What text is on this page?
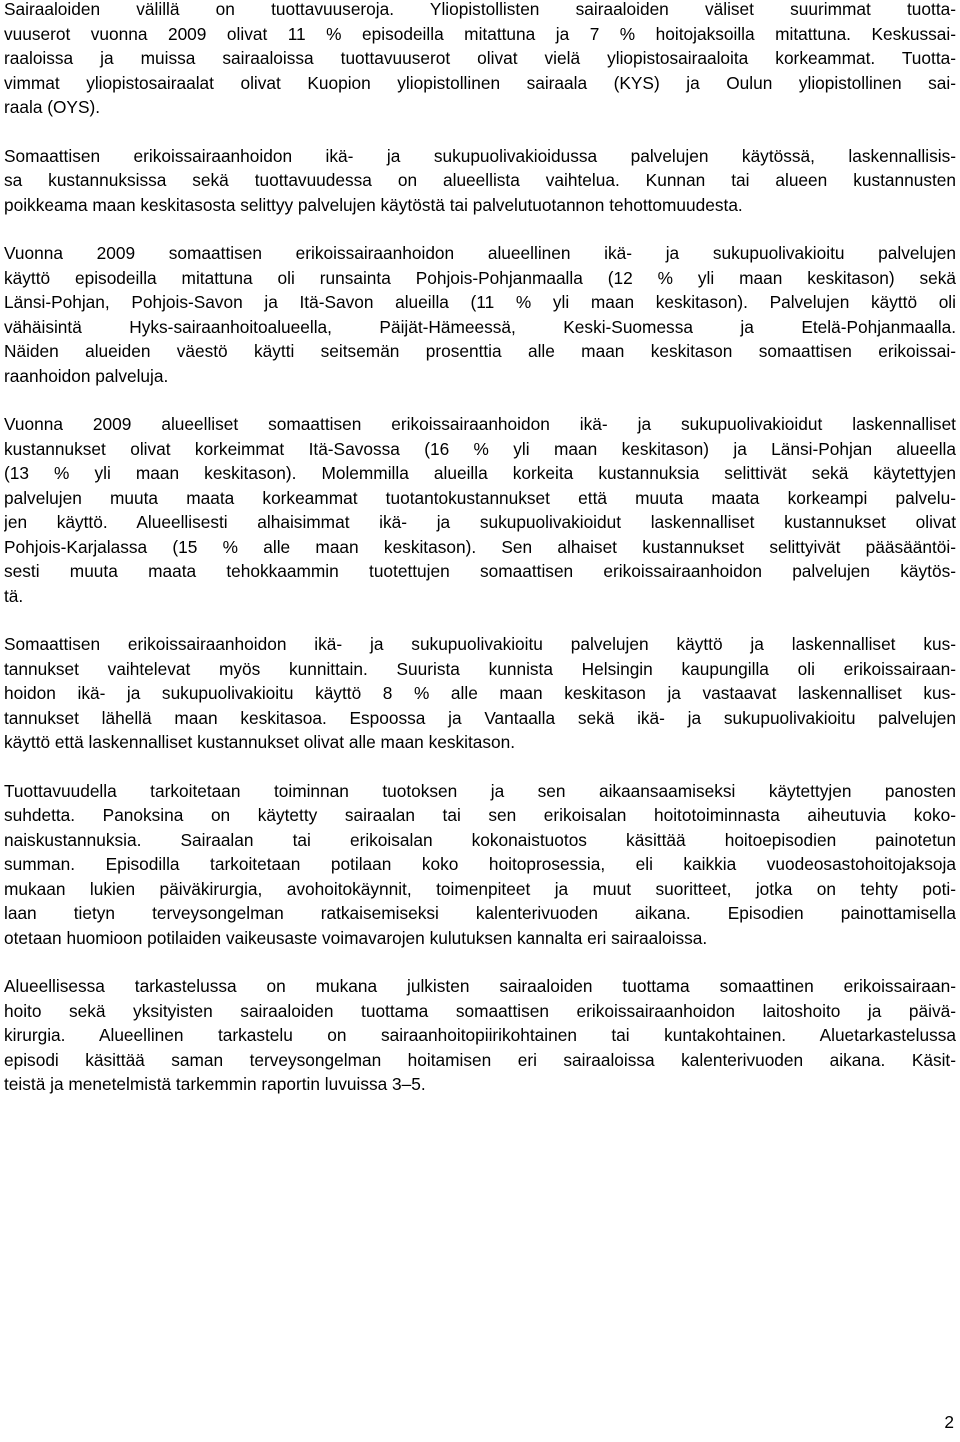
Sairaaloiden välillä on tuottavuuseroja. Yliopistollisten sairaaloiden väliset suurimmat tuotta-
vuuserot vuonna 2009 olivat 11 % episodeilla mitattuna ja 7 % hoitojaksoilla mitattuna. Keskussai-
raaloissa ja muissa sairaaloissa tuottavuuserot olivat vielä yliopistosairaaloita korkeammat. Tuotta-
vimmat yliopistosairaalat olivat Kuopion yliopistollinen sairaala (KYS) ja Oulun yliopistollinen sai-
raala (OYS).
Somaattisen erikoissairaanhoidon ikä- ja sukupuolivakioidussa palvelujen käytössä, laskennallisis-
sa kustannuksissa sekä tuottavuudessa on alueellista vaihtelua. Kunnan tai alueen kustannusten
poikkeama maan keskitasosta selittyy palvelujen käytöstä tai palvelutuotannon tehottomuudesta.
Vuonna 2009 somaattisen erikoissairaanhoidon alueellinen ikä- ja sukupuolivakioitu palvelujen
käyttö episodeilla mitattuna oli runsainta Pohjois-Pohjanmaalla (12 % yli maan keskitason) sekä
Länsi-Pohjan, Pohjois-Savon ja Itä-Savon alueilla (11 % yli maan keskitason). Palvelujen käyttö oli
vähäisintä Hyks-sairaanhoitoalueella, Päijät-Hämeessä, Keski-Suomessa ja Etelä-Pohjanmaalla.
Näiden alueiden väestö käytti seitsemän prosenttia alle maan keskitason somaattisen erikoissai-
raanhoidon palveluja.
Vuonna 2009 alueelliset somaattisen erikoissairaanhoidon ikä- ja sukupuolivakioidut laskennalliset
kustannukset olivat korkeimmat Itä-Savossa (16 % yli maan keskitason) ja Länsi-Pohjan alueella
(13 % yli maan keskitason). Molemmilla alueilla korkeita kustannuksia selittivät sekä käytettyjen
palvelujen muuta maata korkeammat tuotantokustannukset että muuta maata korkeampi palvelu-
jen käyttö. Alueellisesti alhaisimmat ikä- ja sukupuolivakioidut laskennalliset kustannukset olivat
Pohjois-Karjalassa (15 % alle maan keskitason). Sen alhaiset kustannukset selittyivät pääsääntöi-
sesti muuta maata tehokkaammin tuotettujen somaattisen erikoissairaanhoidon palvelujen käytös-
tä.
Somaattisen erikoissairaanhoidon ikä- ja sukupuolivakioitu palvelujen käyttö ja laskennalliset kus-
tannukset vaihtelevat myös kunnittain. Suurista kunnista Helsingin kaupungilla oli erikoissairaan-
hoidon ikä- ja sukupuolivakioitu käyttö 8 % alle maan keskitason ja vastaavat laskennalliset kus-
tannukset lähellä maan keskitasoa. Espoossa ja Vantaalla sekä ikä- ja sukupuolivakioitu palvelujen
käyttö että laskennalliset kustannukset olivat alle maan keskitason.
Tuottavuudella tarkoitetaan toiminnan tuotoksen ja sen aikaansaamiseksi käytettyjen panosten
suhdetta. Panoksina on käytetty sairaalan tai sen erikoisalan hoitotoiminnasta aiheutuvia koko-
naiskustannuksia. Sairaalan tai erikoisalan kokonaistuotos käsittää hoitoepisodien painotetun
summan. Episodilla tarkoitetaan potilaan koko hoitoprosessia, eli kaikkia vuodeosastohoitojaksoja
mukaan lukien päiväkirurgia, avohoitokäynnit, toimenpiteet ja muut suoritteet, jotka on tehty poti-
laan tietyn terveysongelman ratkaisemiseksi kalenterivuoden aikana. Episodien painottamisella
otetaan huomioon potilaiden vaikeusaste voimavarojen kulutuksen kannalta eri sairaaloissa.
Alueellisessa tarkastelussa on mukana julkisten sairaaloiden tuottama somaattinen erikoissairaan-
hoito sekä yksityisten sairaaloiden tuottama somaattisen erikoissairaanhoidon laitoshoito ja päivä-
kirurgia. Alueellinen tarkastelu on sairaanhoitopiirikohtainen tai kuntakohtainen. Aluetarkastelussa
episodi käsittää saman terveysongelman hoitamisen eri sairaaloissa kalenterivuoden aikana. Käsit-
teistä ja menetelmistä tarkemmin raportin luvuissa 3–5.
2
